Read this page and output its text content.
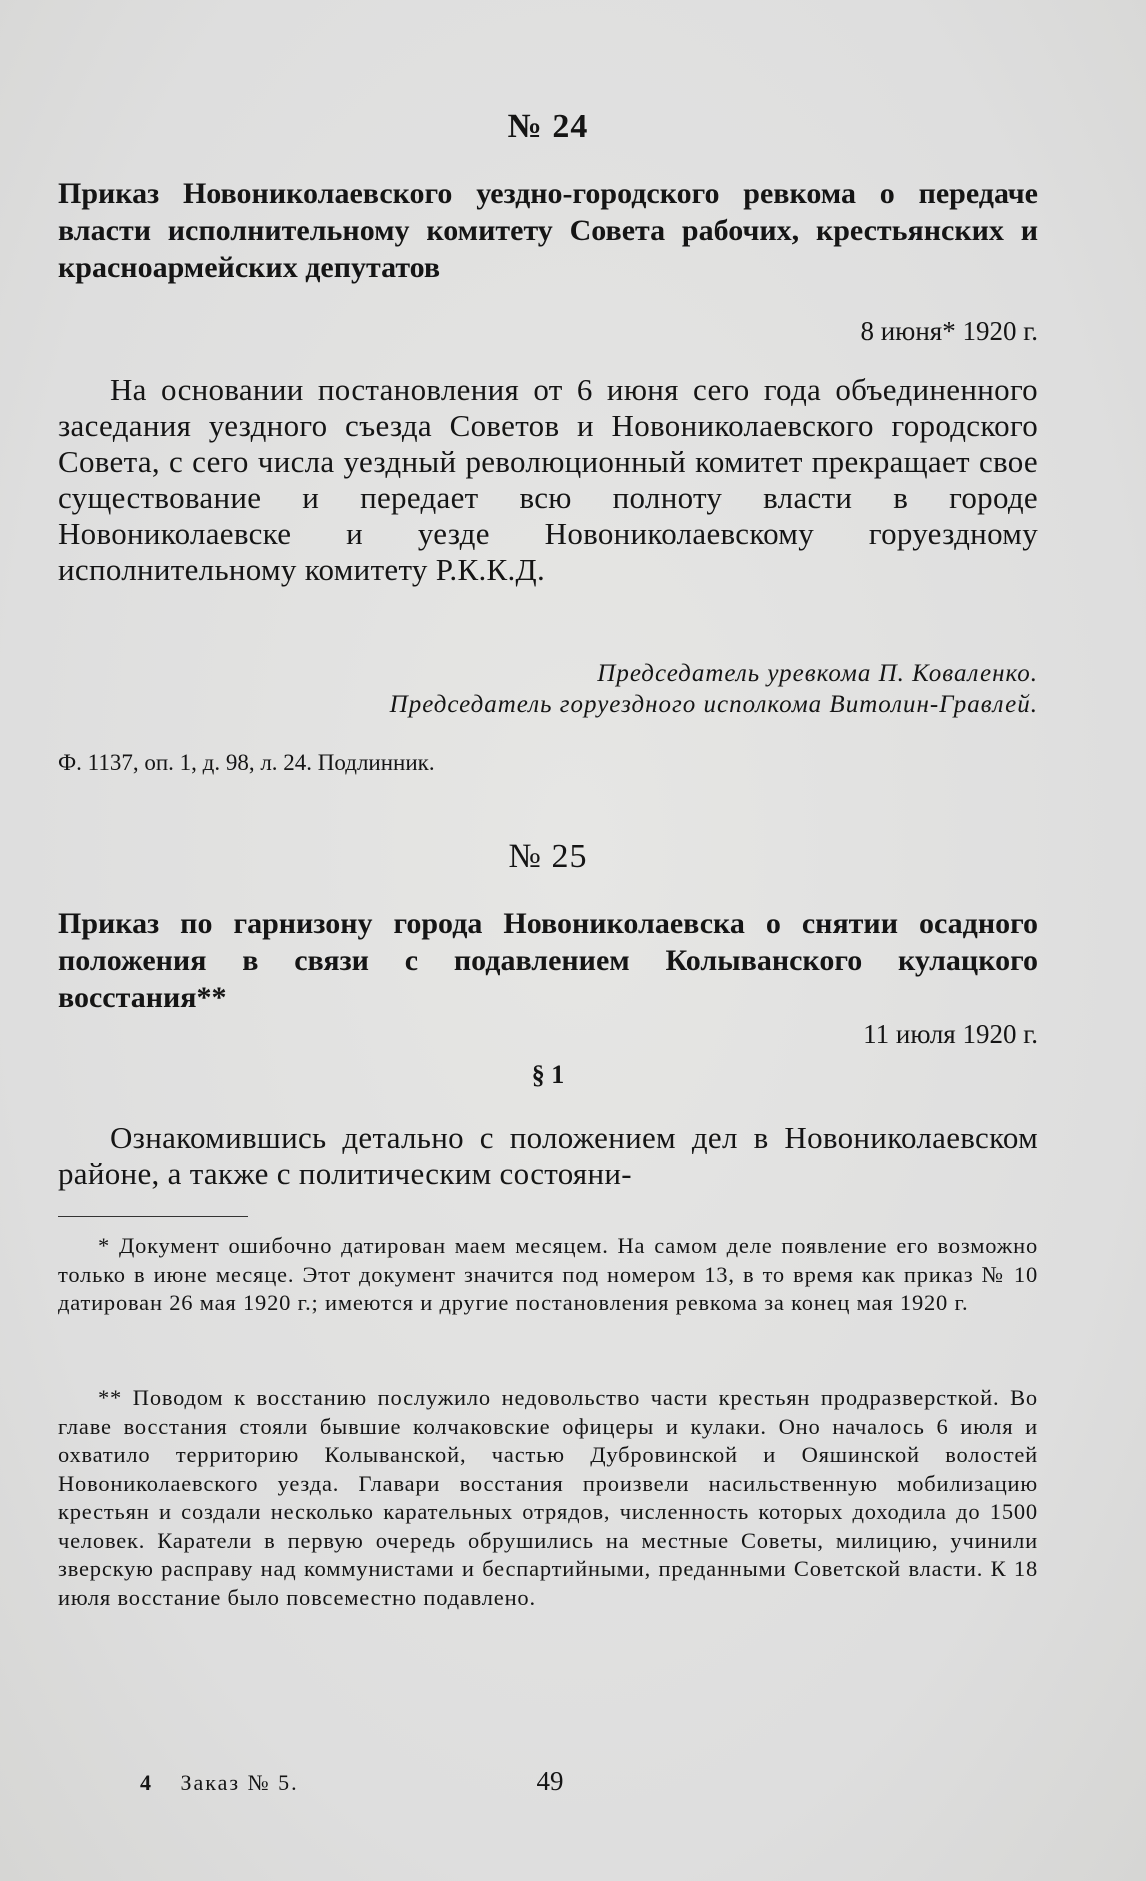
№ 24
Приказ Новониколаевского уездно-городского ревкома о передаче власти исполнительному комитету Совета рабочих, крестьянских и красноармейских депутатов
8 июня* 1920 г.
На основании постановления от 6 июня сего года объединенного заседания уездного съезда Советов и Новониколаевского городского Совета, с сего числа уездный революционный комитет прекращает свое существование и передает всю полноту власти в городе Новониколаевске и уезде Новониколаевскому горуездному исполнительному комитету Р.К.К.Д.
Председатель уревкома П. Коваленко.
Председатель горуездного исполкома Витолин-Гравлей.
Ф. 1137, оп. 1, д. 98, л. 24. Подлинник.
№ 25
Приказ по гарнизону города Новониколаевска о снятии осадного положения в связи с подавлением Колыванского кулацкого восстания**
11 июля 1920 г.
§ 1
Ознакомившись детально с положением дел в Новониколаевском районе, а также с политическим состояни-
* Документ ошибочно датирован маем месяцем. На самом деле появление его возможно только в июне месяце. Этот документ значится под номером 13, в то время как приказ № 10 датирован 26 мая 1920 г.; имеются и другие постановления ревкома за конец мая 1920 г.
** Поводом к восстанию послужило недовольство части крестьян продразверсткой. Во главе восстания стояли бывшие колчаковские офицеры и кулаки. Оно началось 6 июля и охватило территорию Колыванской, частью Дубровинской и Ояшинской волостей Новониколаевского уезда. Главари восстания произвели насильственную мобилизацию крестьян и создали несколько карательных отрядов, численность которых доходила до 1500 человек. Каратели в первую очередь обрушились на местные Советы, милицию, учинили зверскую расправу над коммунистами и беспартийными, преданными Советской власти. К 18 июля восстание было повсеместно подавлено.
4 Заказ № 5.	49
